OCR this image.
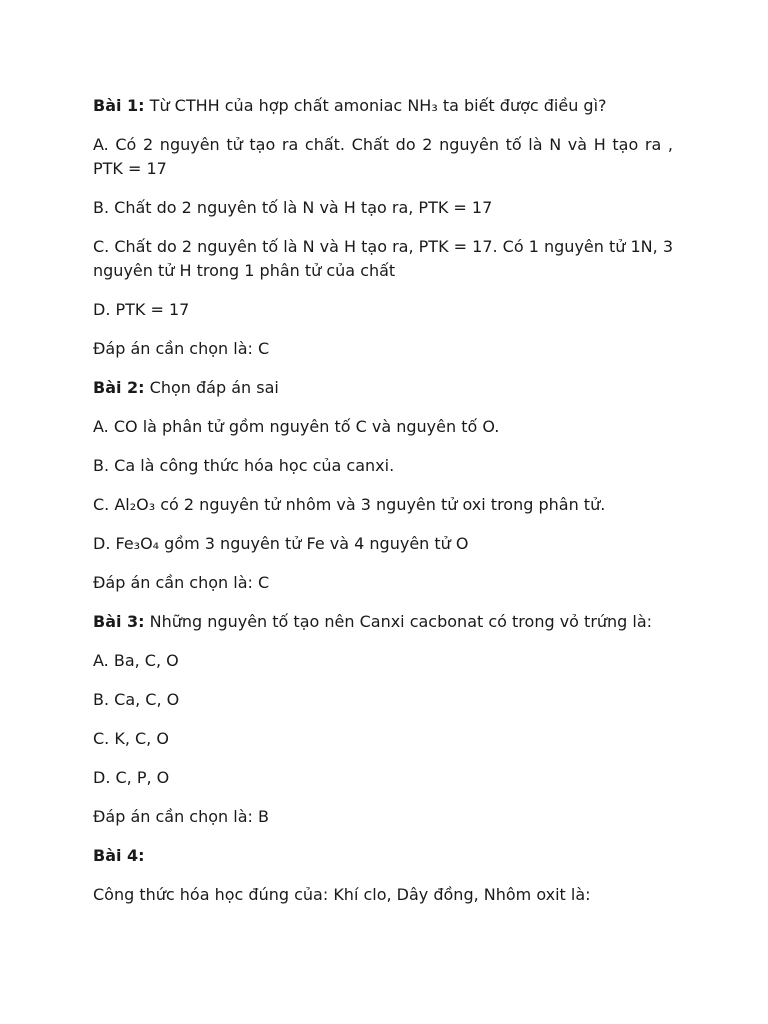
Bài 1: Từ CTHH của hợp chất amoniac NH₃ ta biết được điều gì?

A. Có 2 nguyên tử tạo ra chất. Chất do 2 nguyên tố là N và H tạo ra , PTK = 17

B. Chất do 2 nguyên tố là N và H tạo ra, PTK = 17

C. Chất do 2 nguyên tố là N và H tạo ra, PTK = 17. Có 1 nguyên tử 1N, 3 nguyên tử H trong 1 phân tử của chất

D. PTK = 17

Đáp án cần chọn là: C

Bài 2: Chọn đáp án sai

A. CO là phân tử gồm nguyên tố C và nguyên tố O.

B. Ca là công thức hóa học của canxi.

C. Al₂O₃ có 2 nguyên tử nhôm và 3 nguyên tử oxi trong phân tử.

D. Fe₃O₄ gồm 3 nguyên tử Fe và 4 nguyên tử O

Đáp án cần chọn là: C

Bài 3: Những nguyên tố tạo nên Canxi cacbonat có trong vỏ trứng là:

A. Ba, C, O

B. Ca, C, O

C. K, C, O

D. C, P, O

Đáp án cần chọn là: B

Bài 4:

Công thức hóa học đúng của: Khí clo, Dây đồng, Nhôm oxit là:
